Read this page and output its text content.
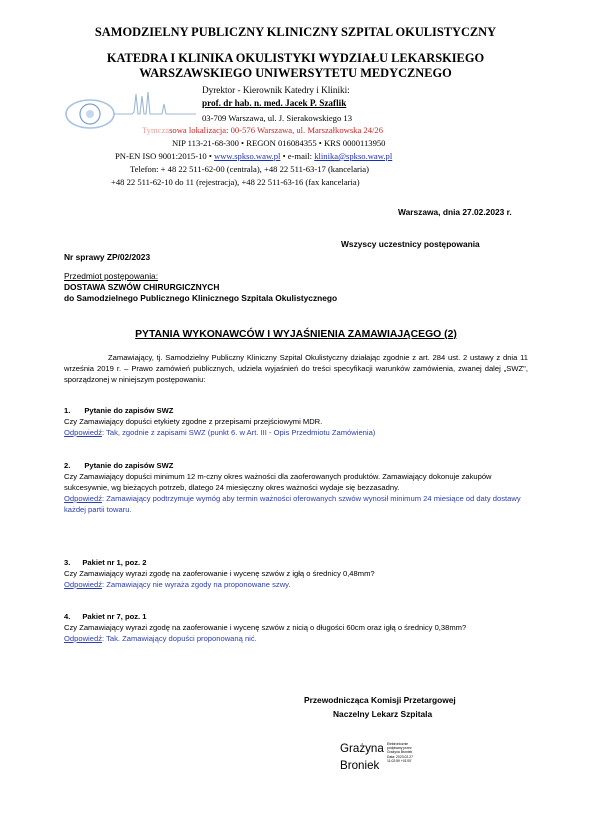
SAMODZIELNY PUBLICZNY KLINICZNY SZPITAL OKULISTYCZNY
KATEDRA I KLINIKA OKULISTYKI WYDZIAŁU LEKARSKIEGO
WARSZAWSKIEGO UNIWERSYTETU MEDYCZNEGO
Dyrektor - Kierownik Katedry i Kliniki:
prof. dr hab. n. med. Jacek P. Szaflik
03-709 Warszawa, ul. J. Sierakowskiego 13
Tymczasowa lokalizacja: 00-576 Warszawa, ul. Marszałkowska 24/26
NIP 113-21-68-300 • REGON 016084355 • KRS 0000113950
PN-EN ISO 9001:2015-10 • www.spkso.waw.pl • e-mail: klinika@spkso.waw.pl
Telefon: + 48 22 511-62-00 (centrala), +48 22 511-63-17 (kancelaria)
+48 22 511-62-10 do 11 (rejestracja), +48 22 511-63-16 (fax kancelaria)
Warszawa, dnia 27.02.2023 r.
Wszyscy uczestnicy postępowania
Nr sprawy ZP/02/2023
Przedmiot postępowania:
DOSTAWA SZWÓW CHIRURGICZNYCH
do Samodzielnego Publicznego Klinicznego Szpitala Okulistycznego
PYTANIA WYKONAWCÓW I WYJAŚNIENIA ZAMAWIAJĄCEGO (2)
Zamawiający, tj. Samodzielny Publiczny Kliniczny Szpital Okulistyczny działając zgodnie z art. 284 ust. 2 ustawy z dnia 11 września 2019 r. – Prawo zamówień publicznych, udziela wyjaśnień do treści specyfikacji warunków zamówienia, zwanej dalej „SWZ", sporządzonej w niniejszym postępowaniu:
1. Pytanie do zapisów SWZ
Czy Zamawiający dopuści etykiety zgodne z przepisami przejściowymi MDR.
Odpowiedź: Tak, zgodnie z zapisami SWZ (punkt 6. w Art. III - Opis Przedmiotu Zamówienia)
2. Pytanie do zapisów SWZ
Czy Zamawiający dopuści minimum 12 m-czny okres ważności dla zaoferowanych produktów. Zamawiający dokonuje zakupów sukcesywnie, wg bieżących potrzeb, dlatego 24 miesięczny okres ważności wydaje się bezzasadny.
Odpowiedź: Zamawiający podtrzymuje wymóg aby termin ważności oferowanych szwów wynosił minimum 24 miesiące od daty dostawy każdej partii towaru.
3. Pakiet nr 1, poz. 2
Czy Zamawiający wyrazi zgodę na zaoferowanie i wycenę szwów z igłą o średnicy 0,48mm?
Odpowiedź: Zamawiający nie wyraża zgody na proponowane szwy.
4. Pakiet nr 7, poz. 1
Czy Zamawiający wyrazi zgodę na zaoferowanie i wycenę szwów z nicią o długości 60cm oraz igłą o średnicy 0,38mm?
Odpowiedź: Tak. Zamawiający dopuści proponowaną nić.
Przewodnicząca Komisji Przetargowej
Naczelny Lekarz Szpitala
Grażyna
Broniek
Elektronicznie
podpisany przez
Grażyna Broniek
Data: 2023.02.27
11:02:59 +01'00'
